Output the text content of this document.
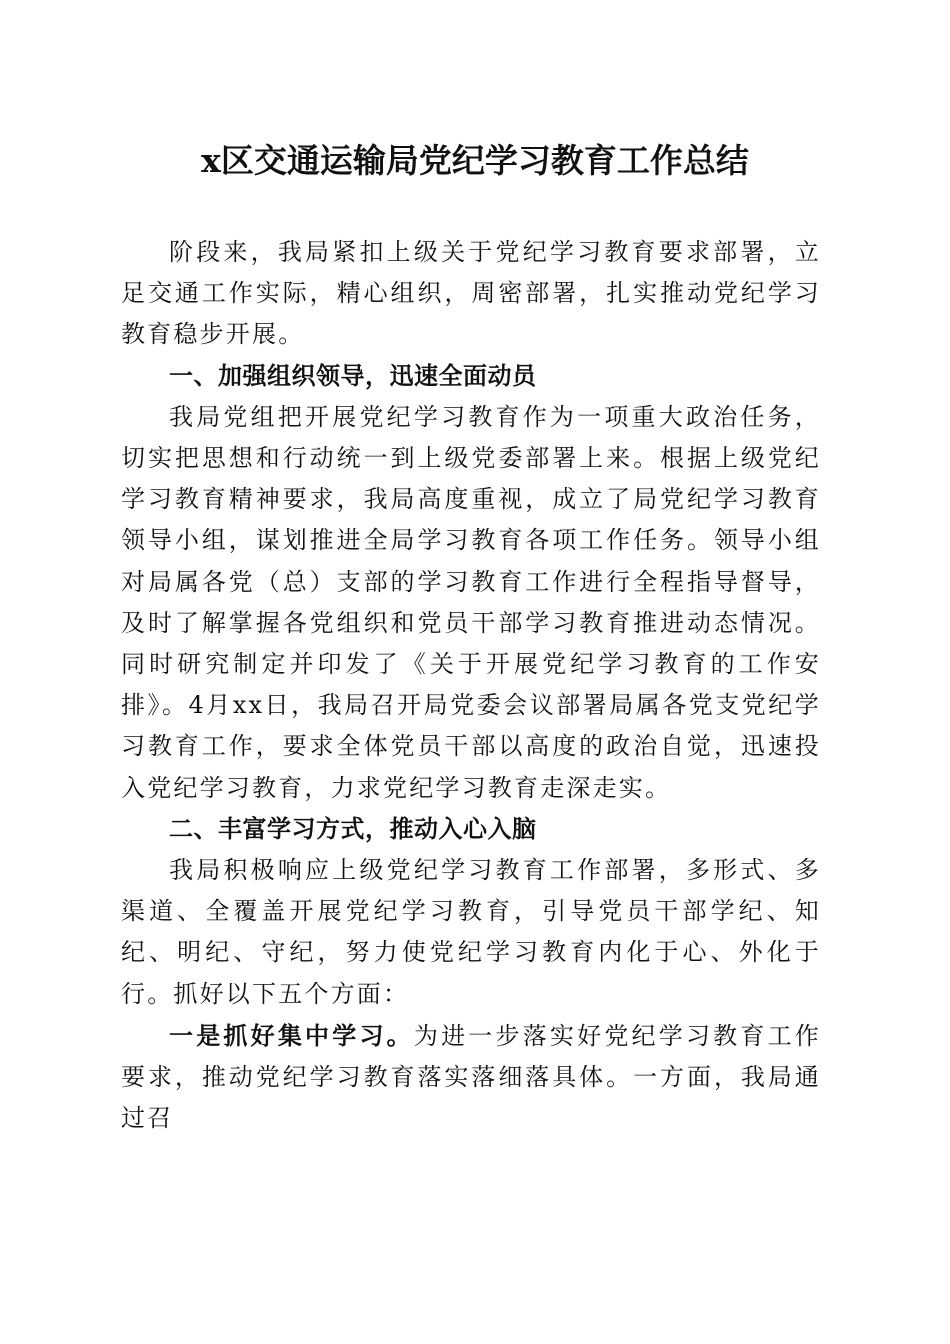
x区交通运输局党纪学习教育工作总结

阶段来，我局紧扣上级关于党纪学习教育要求部署，立足交通工作实际，精心组织，周密部署，扎实推动党纪学习教育稳步开展。

一、加强组织领导，迅速全面动员

我局党组把开展党纪学习教育作为一项重大政治任务，切实把思想和行动统一到上级党委部署上来。根据上级党纪学习教育精神要求，我局高度重视，成立了局党纪学习教育领导小组，谋划推进全局学习教育各项工作任务。领导小组对局属各党（总）支部的学习教育工作进行全程指导督导，及时了解掌握各党组织和党员干部学习教育推进动态情况。同时研究制定并印发了《关于开展党纪学习教育的工作安排》。4月xx日，我局召开局党委会议部署局属各党支党纪学习教育工作，要求全体党员干部以高度的政治自觉，迅速投入党纪学习教育，力求党纪学习教育走深走实。

二、丰富学习方式，推动入心入脑

我局积极响应上级党纪学习教育工作部署，多形式、多渠道、全覆盖开展党纪学习教育，引导党员干部学纪、知纪、明纪、守纪，努力使党纪学习教育内化于心、外化于行。抓好以下五个方面：

一是抓好集中学习。为进一步落实好党纪学习教育工作要求，推动党纪学习教育落实落细落具体。一方面，我局通过召
